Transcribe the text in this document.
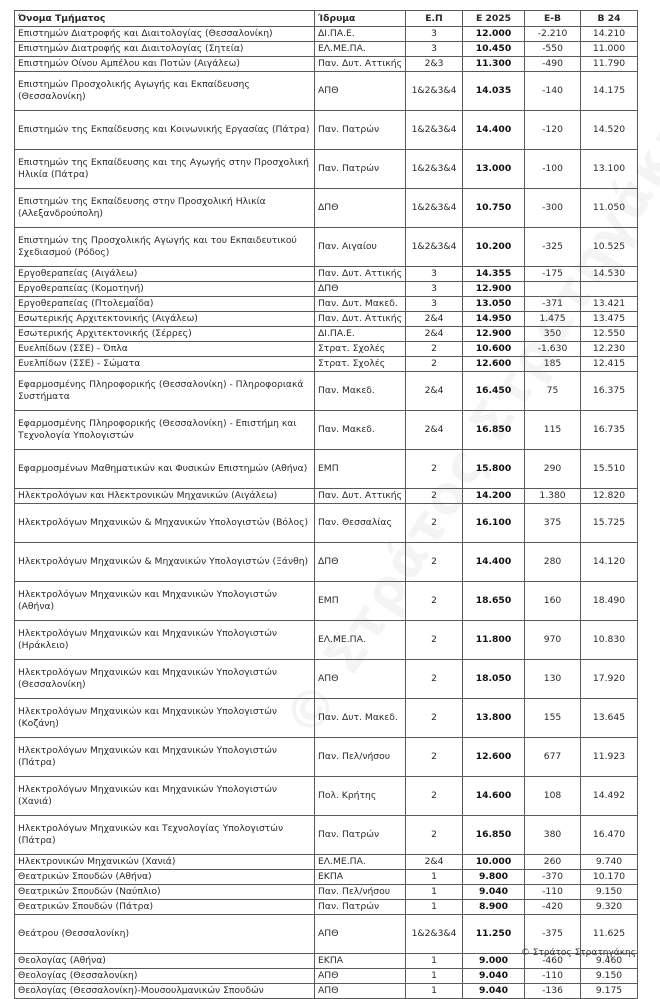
Όνομα Τμήματος	Ίδρυμα	Ε.Π	Ε 2025	Ε-Β	Β 24
Επιστημών Διατροφής και Διαιτολογίας (Θεσσαλονίκη)	ΔΙ.ΠΑ.Ε.	3	12.000	-2.210	14.210
Επιστημών Διατροφής και Διαιτολογίας (Σητεία)	ΕΛ.ΜΕ.ΠΑ.	3	10.450	-550	11.000
Επιστημών Οίνου Αμπέλου και Ποτών (Αιγάλεω)	Παν. Δυτ. Αττικής	2&3	11.300	-490	11.790
Επιστημών Προσχολικής Αγωγής και Εκπαίδευσης (Θεσσαλονίκη)	ΑΠΘ	1&2&3&4	14.035	-140	14.175
Επιστημών της Εκπαίδευσης και Κοινωνικής Εργασίας (Πάτρα)	Παν. Πατρών	1&2&3&4	14.400	-120	14.520
Επιστημών της Εκπαίδευσης και της Αγωγής στην Προσχολική Ηλικία (Πάτρα)	Παν. Πατρών	1&2&3&4	13.000	-100	13.100
Επιστημών της Εκπαίδευσης στην Προσχολική Ηλικία (Αλεξανδρούπολη)	ΔΠΘ	1&2&3&4	10.750	-300	11.050
Επιστημών της Προσχολικής Αγωγής και του Εκπαιδευτικού Σχεδιασμού (Ρόδος)	Παν. Αιγαίου	1&2&3&4	10.200	-325	10.525
Εργοθεραπείας (Αιγάλεω)	Παν. Δυτ. Αττικής	3	14.355	-175	14.530
Εργοθεραπείας (Κομοτηνή)	ΔΠΘ	3	12.900		
Εργοθεραπείας (Πτολεμαΐδα)	Παν. Δυτ. Μακεδ.	3	13.050	-371	13.421
Εσωτερικής Αρχιτεκτονικής (Αιγάλεω)	Παν. Δυτ. Αττικής	2&4	14.950	1.475	13.475
Εσωτερικής Αρχιτεκτονικής (Σέρρες)	ΔΙ.ΠΑ.Ε.	2&4	12.900	350	12.550
Ευελπίδων (ΣΣΕ) - Όπλα	Στρατ. Σχολές	2	10.600	-1.630	12.230
Ευελπίδων (ΣΣΕ) - Σώματα	Στρατ. Σχολές	2	12.600	185	12.415
Εφαρμοσμένης Πληροφορικής (Θεσσαλονίκη) - Πληροφοριακά Συστήματα	Παν. Μακεδ.	2&4	16.450	75	16.375
Εφαρμοσμένης Πληροφορικής (Θεσσαλονίκη) - Επιστήμη και Τεχνολογία Υπολογιστών	Παν. Μακεδ.	2&4	16.850	115	16.735
Εφαρμοσμένων Μαθηματικών και Φυσικών Επιστημών (Αθήνα)	ΕΜΠ	2	15.800	290	15.510
Ηλεκτρολόγων και Ηλεκτρονικών Μηχανικών (Αιγάλεω)	Παν. Δυτ. Αττικής	2	14.200	1.380	12.820
Ηλεκτρολόγων Μηχανικών & Μηχανικών Υπολογιστών (Βόλος)	Παν. Θεσσαλίας	2	16.100	375	15.725
Ηλεκτρολόγων Μηχανικών & Μηχανικών Υπολογιστών (Ξάνθη)	ΔΠΘ	2	14.400	280	14.120
Ηλεκτρολόγων Μηχανικών και Μηχανικών Υπολογιστών (Αθήνα)	ΕΜΠ	2	18.650	160	18.490
Ηλεκτρολόγων Μηχανικών και Μηχανικών Υπολογιστών (Ηράκλειο)	ΕΛ.ΜΕ.ΠΑ.	2	11.800	970	10.830
Ηλεκτρολόγων Μηχανικών και Μηχανικών Υπολογιστών (Θεσσαλονίκη)	ΑΠΘ	2	18.050	130	17.920
Ηλεκτρολόγων Μηχανικών και Μηχανικών Υπολογιστών (Κοζάνη)	Παν. Δυτ. Μακεδ.	2	13.800	155	13.645
Ηλεκτρολόγων Μηχανικών και Μηχανικών Υπολογιστών (Πάτρα)	Παν. Πελ/νήσου	2	12.600	677	11.923
Ηλεκτρολόγων Μηχανικών και Μηχανικών Υπολογιστών (Χανιά)	Πολ. Κρήτης	2	14.600	108	14.492
Ηλεκτρολόγων Μηχανικών και Τεχνολογίας Υπολογιστών (Πάτρα)	Παν. Πατρών	2	16.850	380	16.470
Ηλεκτρονικών Μηχανικών (Χανιά)	ΕΛ.ΜΕ.ΠΑ.	2&4	10.000	260	9.740
Θεατρικών Σπουδών (Αθήνα)	ΕΚΠΑ	1	9.800	-370	10.170
Θεατρικών Σπουδών (Ναύπλιο)	Παν. Πελ/νήσου	1	9.040	-110	9.150
Θεατρικών Σπουδών (Πάτρα)	Παν. Πατρών	1	8.900	-420	9.320
Θεάτρου (Θεσσαλονίκη)	ΑΠΘ	1&2&3&4	11.250	-375	11.625
Θεολογίας (Αθήνα)	ΕΚΠΑ	1	9.000	-460	9.460
Θεολογίας (Θεσσαλονίκη)	ΑΠΘ	1	9.040	-110	9.150
Θεολογίας (Θεσσαλονίκη)-Μουσουλμανικών Σπουδών	ΑΠΘ	1	9.040	-136	9.175
© Στράτος Στρατηγάκης
